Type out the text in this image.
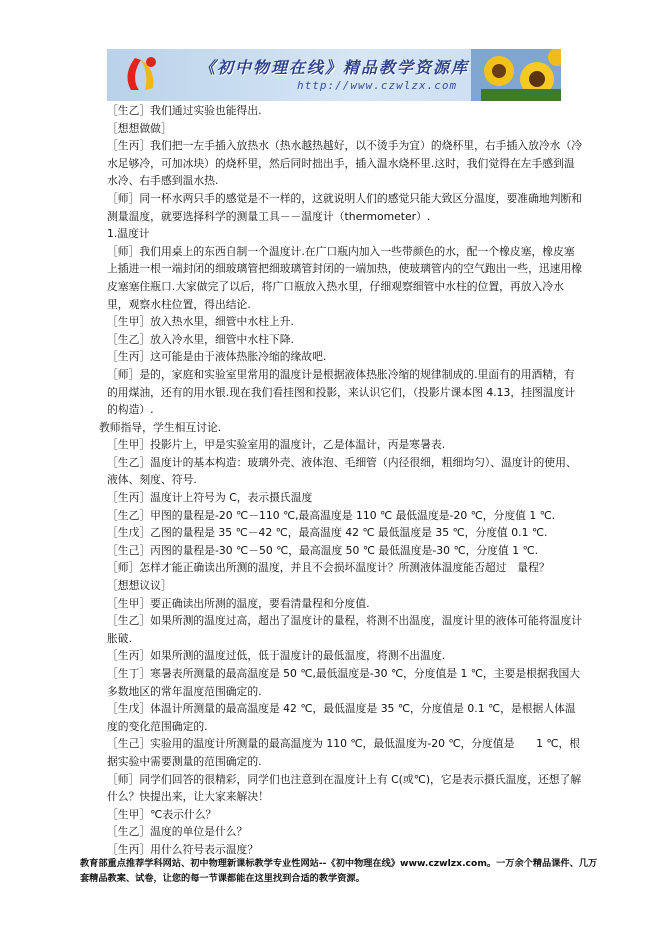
《初中物理在线》精品教学资源库
http://www.czwlzx.com

［生乙］我们通过实验也能得出.

［想想做做］

［生丙］我们把一左手插入放热水（热水越热越好，以不烫手为宜）的烧杯里，右手插入放冷水（冷水足够冷，可加冰块）的烧杯里，然后同时拙出手，插入温水烧杯里.这时，我们觉得在左手感到温水冷、右手感到温水热.

［师］同一杯水两只手的感觉是不一样的，这就说明人们的感觉只能大致区分温度，要准确地判断和测量温度，就要选择科学的测量工具－－温度计（thermometer）.

1.温度计

［师］我们用桌上的东西自制一个温度计.在广口瓶内加入一些带颜色的水，配一个橡皮塞，橡皮塞上插进一根一端封闭的细玻璃管把细玻璃管封闭的一端加热，使玻璃管内的空气跑出一些，迅速用橡皮塞塞住瓶口.大家做完了以后，将广口瓶放入热水里，仔细观察细管中水柱的位置，再放入冷水里，观察水柱位置，得出结论.

［生甲］放入热水里，细管中水柱上升.

［生乙］放入冷水里，细管中水柱下降.

［生丙］这可能是由于液体热胀冷缩的缘故吧.

［师］是的，家庭和实验室里常用的温度计是根据液体热胀冷缩的规律制成的.里面有的用酒精，有的用煤油，还有的用水银.现在我们看挂图和投影，来认识它们，（投影片课本图 4.13，挂图温度计的构造）.

教师指导，学生相互讨论.

［生甲］投影片上，甲是实验室用的温度计，乙是体温计，丙是寒暑表.

［生乙］温度计的基本构造：玻璃外壳、液体泡、毛细管（内径很细，粗细均匀）、温度计的使用、液体、刻度、符号.

［生丙］温度计上符号为 C，表示摄氏温度

［生乙］甲图的量程是-20 ℃－110 ℃,最高温度是 110 ℃ 最低温度是-20 ℃，分度值 1 ℃.

［生戊］乙图的量程是 35 ℃－42 ℃，最高温度 42 ℃ 最低温度是 35 ℃，分度值 0.1 ℃.

［生己］丙图的量程是-30 ℃－50 ℃，最高温度 50 ℃ 最低温度是-30 ℃，分度值 1 ℃.

［师］怎样才能正确读出所测的温度，并且不会损坏温度计？所测液体温度能否超过　量程？

［想想议议］

［生甲］要正确读出所测的温度，要看清量程和分度值.

［生乙］如果所测的温度过高，超出了温度计的量程，将测不出温度，温度计里的液体可能将温度计胀破.

［生丙］如果所测的温度过低，低于温度计的最低温度，将测不出温度.

［生丁］寒暑表所测量的最高温度是 50 ℃,最低温度是-30 ℃，分度值是 1 ℃，主要是根据我国大多数地区的常年温度范围确定的.

［生戊］体温计所测量的最高温度是 42 ℃，最低温度是 35 ℃，分度值是 0.1 ℃，是根据人体温度的变化范围确定的.

［生己］实验用的温度计所测量的最高温度为 110 ℃，最低温度为-20 ℃，分度值是　　1 ℃，根据实验中需要测量的范围确定的.

［师］同学们回答的很精彩，同学们也注意到在温度计上有 C(或℃)，它是表示摄氏温度，还想了解什么？快提出来，让大家来解决！

［生甲］℃表示什么？

［生乙］温度的单位是什么？

［生丙］用什么符号表示温度？

教育部重点推荐学科网站、初中物理新课标教学专业性网站--《初中物理在线》www.czwlzx.com。一万余个精品课件、几万套精品教案、试卷，让您的每一节课都能在这里找到合适的教学资源。
